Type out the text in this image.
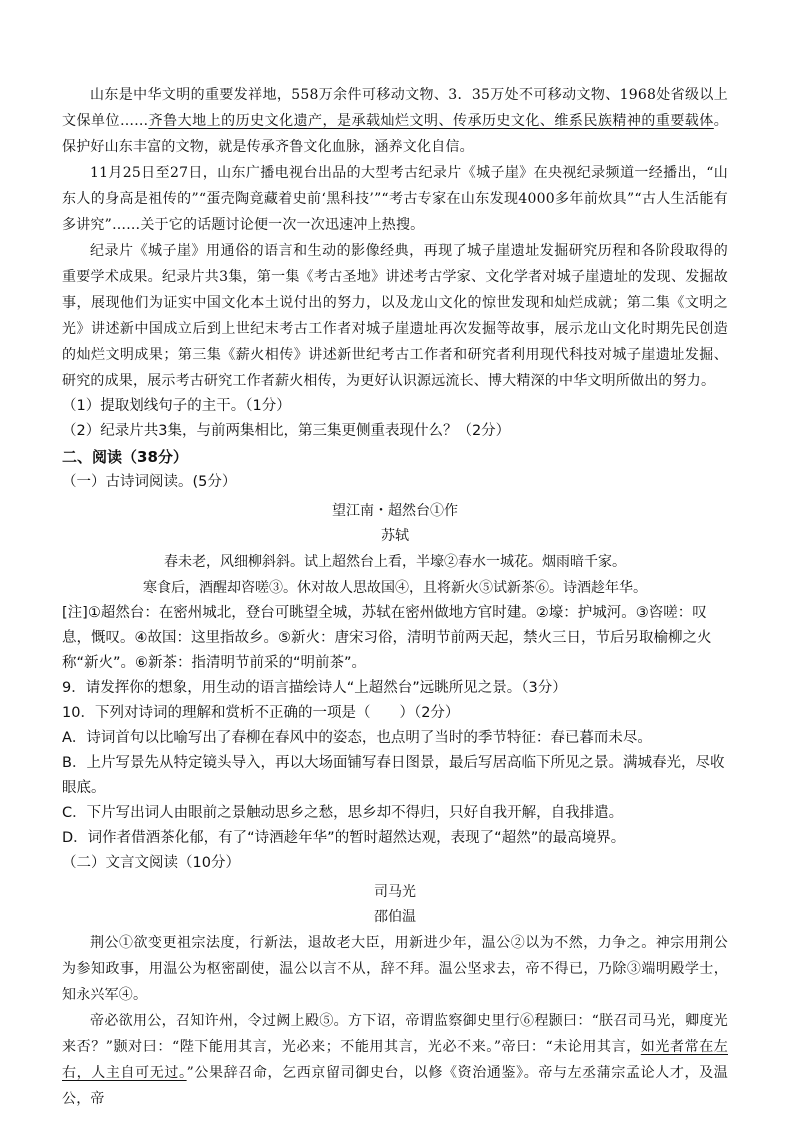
山东是中华文明的重要发祥地，558万余件可移动文物、3．35万处不可移动文物、1968处省级以上文保单位……齐鲁大地上的历史文化遗产，是承载灿烂文明、传承历史文化、维系民族精神的重要载体。保护好山东丰富的文物，就是传承齐鲁文化血脉，涵养文化自信。

11月25日至27日，山东广播电视台出品的大型考古纪录片《城子崖》在央视纪录频道一经播出，“山东人的身高是祖传的”“蛋壳陶竟藏着史前‘黑科技’”“考古专家在山东发现4000多年前炊具”“古人生活能有多讲究”……关于它的话题讨论便一次一次迅速冲上热搜。

纪录片《城子崖》用通俗的语言和生动的影像经典，再现了城子崖遗址发掘研究历程和各阶段取得的重要学术成果。纪录片共3集，第一集《考古圣地》讲述考古学家、文化学者对城子崖遗址的发现、发掘故事，展现他们为证实中国文化本土说付出的努力，以及龙山文化的惊世发现和灿烂成就；第二集《文明之光》讲述新中国成立后到上世纪末考古工作者对城子崖遗址再次发掘等故事，展示龙山文化时期先民创造的灿烂文明成果；第三集《薪火相传》讲述新世纪考古工作者和研究者利用现代科技对城子崖遗址发掘、研究的成果，展示考古研究工作者薪火相传，为更好认识源远流长、博大精深的中华文明所做出的努力。

（1）提取划线句子的主干。（1分）

（2）纪录片共3集，与前两集相比，第三集更侧重表现什么？（2分）

二、阅读（38分）

（一）古诗词阅读。(5分）

望江南・超然台①作

苏轼

春未老，风细柳斜斜。试上超然台上看，半壕②春水一城花。烟雨暗千家。

寒食后，酒醒却咨嗟③。休对故人思故国④，且将新火⑤试新茶⑥。诗酒趁年华。

[注]①超然台：在密州城北，登台可眺望全城，苏轼在密州做地方官时建。②壕：护城河。③咨嗟：叹息，慨叹。④故国：这里指故乡。⑤新火：唐宋习俗，清明节前两天起，禁火三日，节后另取榆柳之火称“新火”。⑥新茶：指清明节前采的“明前茶”。

9．请发挥你的想象，用生动的语言描绘诗人“上超然台”远眺所见之景。（3分）

10．下列对诗词的理解和赏析不正确的一项是（　　）（2分）

A．诗词首句以比喻写出了春柳在春风中的姿态，也点明了当时的季节特征：春已暮而未尽。

B．上片写景先从特定镜头导入，再以大场面铺写春日图景，最后写居高临下所见之景。满城春光，尽收眼底。

C．下片写出词人由眼前之景触动思乡之愁，思乡却不得归，只好自我开解，自我排遣。

D．词作者借酒茶化郁，有了“诗酒趁年华”的暂时超然达观，表现了“超然”的最高境界。

（二）文言文阅读（10分）

司马光

邵伯温

荆公①欲变更祖宗法度，行新法，退故老大臣，用新进少年，温公②以为不然，力争之。神宗用荆公为参知政事，用温公为枢密副使，温公以言不从，辞不拜。温公坚求去，帝不得已，乃除③端明殿学士，知永兴军④。

帝必欲用公，召知许州，令过阙上殿⑤。方下诏，帝谓监察御史里行⑥程颢曰：“朕召司马光，卿度光来否？”颢对曰：“陛下能用其言，光必来；不能用其言，光必不来。”帝曰：“未论用其言，如光者常在左右，人主自可无过。”公果辞召命，乞西京留司御史台，以修《资治通鉴》。帝与左丞蒲宗孟论人才，及温公，帝
